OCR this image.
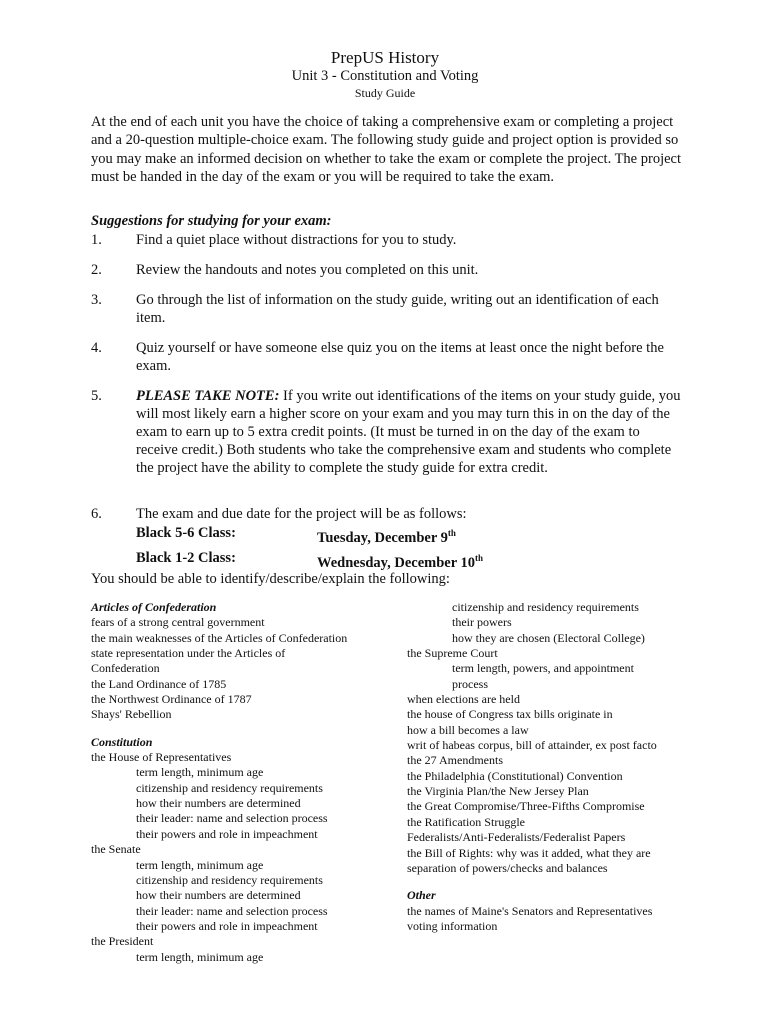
PrepUS History
Unit 3 - Constitution and Voting
Study Guide
At the end of each unit you have the choice of taking a comprehensive exam or completing a project and a 20-question multiple-choice exam. The following study guide and project option is provided so you may make an informed decision on whether to take the exam or complete the project. The project must be handed in the day of the exam or you will be required to take the exam.
Suggestions for studying for your exam:
1. Find a quiet place without distractions for you to study.
2. Review the handouts and notes you completed on this unit.
3. Go through the list of information on the study guide, writing out an identification of each item.
4. Quiz yourself or have someone else quiz you on the items at least once the night before the exam.
5. PLEASE TAKE NOTE: If you write out identifications of the items on your study guide, you will most likely earn a higher score on your exam and you may turn this in on the day of the exam to earn up to 5 extra credit points. (It must be turned in on the day of the exam to receive credit.) Both students who take the comprehensive exam and students who complete the project have the ability to complete the study guide for extra credit.
6. The exam and due date for the project will be as follows:
Black 5-6 Class:	Tuesday, December 9th
Black 1-2 Class:	Wednesday, December 10th
You should be able to identify/describe/explain the following:
Articles of Confederation
fears of a strong central government
the main weaknesses of the Articles of Confederation
state representation under the Articles of
Confederation
the Land Ordinance of 1785
the Northwest Ordinance of 1787
Shays' Rebellion
Constitution
the House of Representatives
term length, minimum age
citizenship and residency requirements
how their numbers are determined
their leader: name and selection process
their powers and role in impeachment
the Senate
term length, minimum age
citizenship and residency requirements
how their numbers are determined
their leader: name and selection process
their powers and role in impeachment
the President
term length, minimum age
citizenship and residency requirements
their powers
how they are chosen (Electoral College)
the Supreme Court
term length, powers, and appointment
process
when elections are held
the house of Congress tax bills originate in
how a bill becomes a law
writ of habeas corpus, bill of attainder, ex post facto
the 27 Amendments
the Philadelphia (Constitutional) Convention
the Virginia Plan/the New Jersey Plan
the Great Compromise/Three-Fifths Compromise
the Ratification Struggle
Federalists/Anti-Federalists/Federalist Papers
the Bill of Rights: why was it added, what they are
separation of powers/checks and balances
Other
the names of Maine's Senators and Representatives
voting information
